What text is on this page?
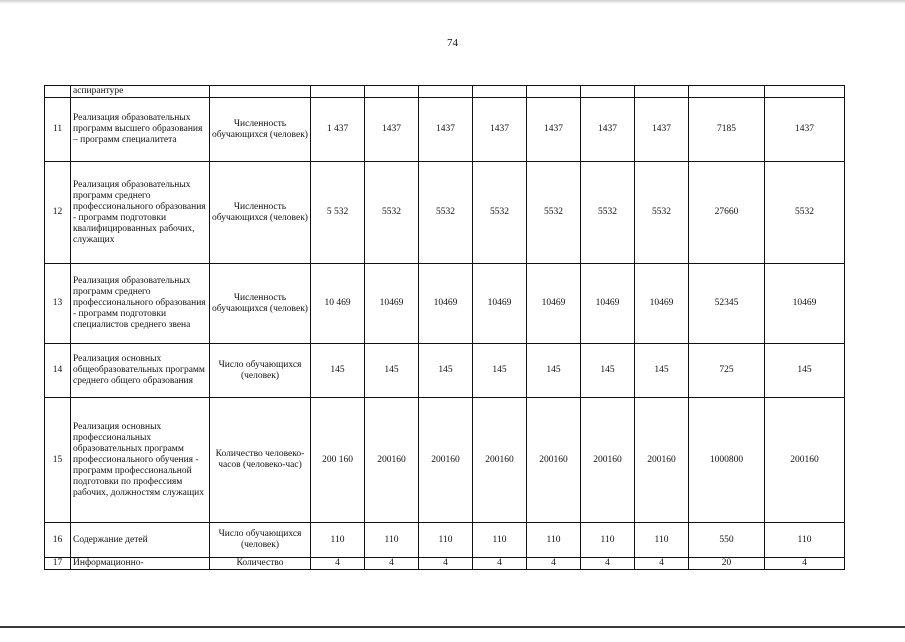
74
	аспирантуре										
11	Реализация образовательных программ высшего образования – программ специалитета	Численность обучающихся (человек)	1 437	1437	1437	1437	1437	1437	1437	7185	1437
12	Реализация образовательных программ среднего профессионального образования - программ подготовки квалифицированных рабочих, служащих	Численность обучающихся (человек)	5 532	5532	5532	5532	5532	5532	5532	27660	5532
13	Реализация образовательных программ среднего профессионального образования - программ подготовки специалистов среднего звена	Численность обучающихся (человек)	10 469	10469	10469	10469	10469	10469	10469	52345	10469
14	Реализация основных общеобразовательных программ среднего общего образования	Число обучающихся (человек)	145	145	145	145	145	145	145	725	145
15	Реализация основных профессиональных образовательных программ профессионального обучения - программ профессиональной подготовки по профессиям рабочих, должностям служащих	Количество человеко-часов (человеко-час)	200 160	200160	200160	200160	200160	200160	200160	1000800	200160
16	Содержание детей	Число обучающихся (человек)	110	110	110	110	110	110	110	550	110
17	Информационно-	Количество	4	4	4	4	4	4	4	20	4
